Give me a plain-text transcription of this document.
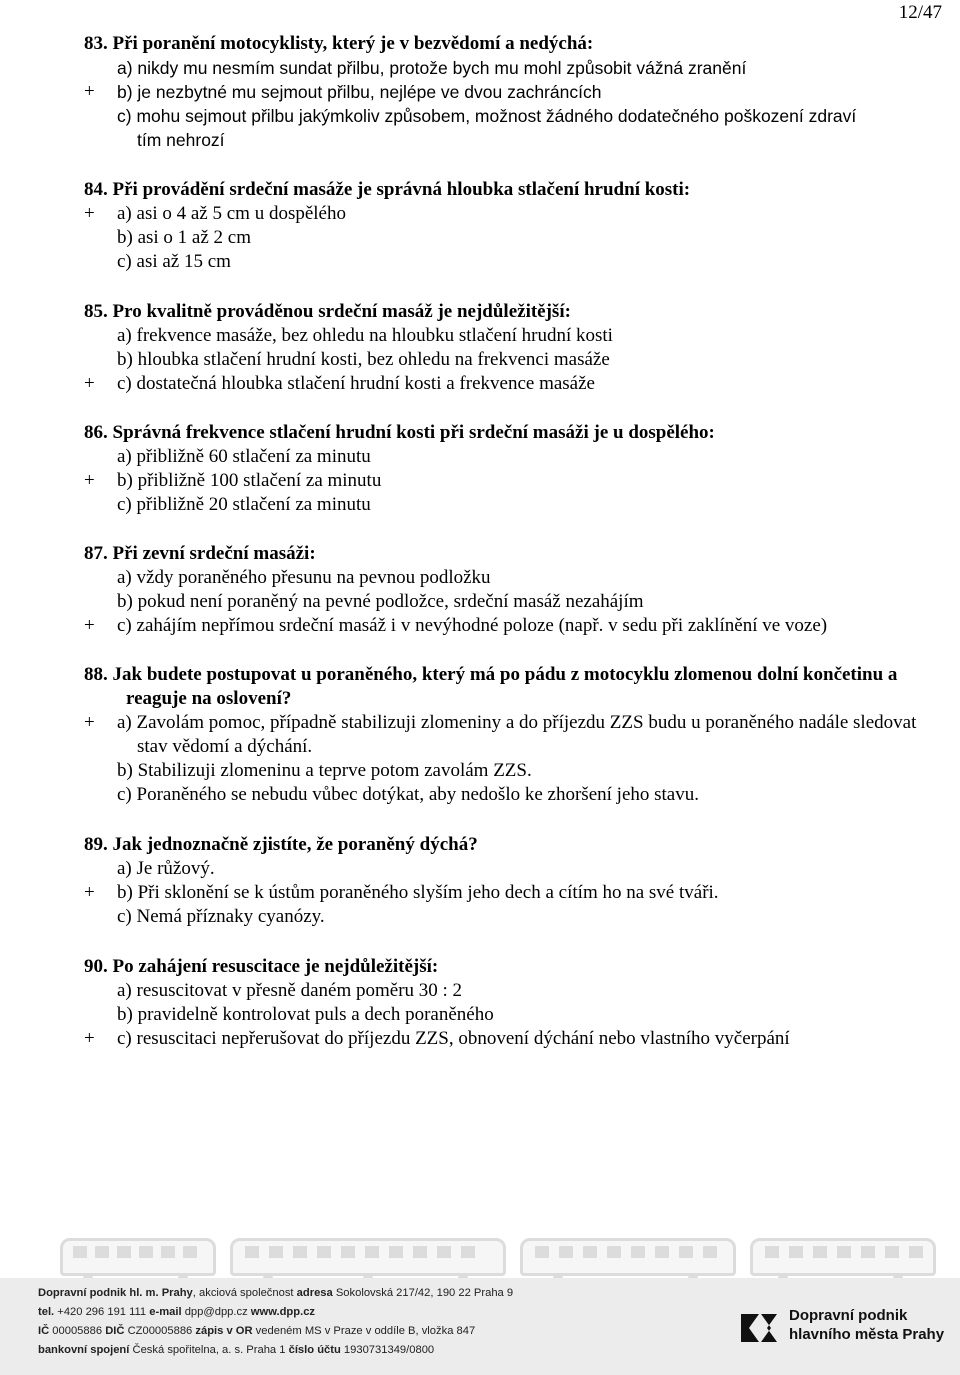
12/47
83. Při poranění motocyklisty, který je v bezvědomí a nedýchá:
a) nikdy mu nesmím sundat přilbu, protože bych mu mohl způsobit vážná zranění
+ b) je nezbytné mu sejmout přilbu, nejlépe ve dvou zachráncích
c) mohu sejmout přilbu jakýmkoliv způsobem, možnost žádného dodatečného poškození zdraví tím nehrozí
84. Při provádění srdeční masáže je správná hloubka stlačení hrudní kosti:
+ a) asi o 4 až 5 cm u dospělého
b) asi o 1 až 2 cm
c) asi až 15 cm
85. Pro kvalitně prováděnou srdeční masáž je nejdůležitější:
a) frekvence masáže, bez ohledu na hloubku stlačení hrudní kosti
b) hloubka stlačení hrudní kosti, bez ohledu na frekvenci masáže
+ c) dostatečná hloubka stlačení hrudní kosti a frekvence masáže
86. Správná frekvence stlačení hrudní kosti při srdeční masáži je u dospělého:
a) přibližně 60 stlačení za minutu
+ b) přibližně 100 stlačení za minutu
c) přibližně 20 stlačení za minutu
87. Při zevní srdeční masáži:
a) vždy poraněného přesunu na pevnou podložku
b) pokud není poraněný na pevné podložce, srdeční masáž nezahájím
+ c) zahájím nepřímou srdeční masáž i v nevýhodné poloze (např. v sedu při zaklínění ve voze)
88. Jak budete postupovat u poraněného, který má po pádu z motocyklu zlomenou dolní končetinu a reaguje na oslovení?
+ a) Zavolám pomoc, případně stabilizuji zlomeniny a do příjezdu ZZS budu u poraněného nadále sledovat stav vědomí a dýchání.
b) Stabilizuji zlomeninu a teprve potom zavolám ZZS.
c) Poraněného se nebudu vůbec dotýkat, aby nedošlo ke zhoršení jeho stavu.
89. Jak jednoznačně zjistíte, že poraněný dýchá?
a) Je růžový.
+ b) Při sklonění se k ústům poraněného slyším jeho dech a cítím ho na své tváři.
c) Nemá příznaky cyanózy.
90. Po zahájení resuscitace je nejdůležitější:
a) resuscitovat v přesně daném poměru 30 : 2
b) pravidelně kontrolovat puls a dech poraněného
+ c) resuscitaci nepřerušovat do příjezdu ZZS, obnovení dýchání nebo vlastního vyčerpání
Dopravní podnik hl. m. Prahy, akciová společnost adresa Sokolovská 217/42, 190 22 Praha 9
tel. +420 296 191 111 e-mail dpp@dpp.cz www.dpp.cz
IČ 00005886 DIČ CZ00005886 zápis v OR vedeném MS v Praze v oddíle B, vložka 847
bankovní spojení Česká spořitelna, a. s. Praha 1 číslo účtu 1930731349/0800
Dopravní podnik
hlavního města Prahy
